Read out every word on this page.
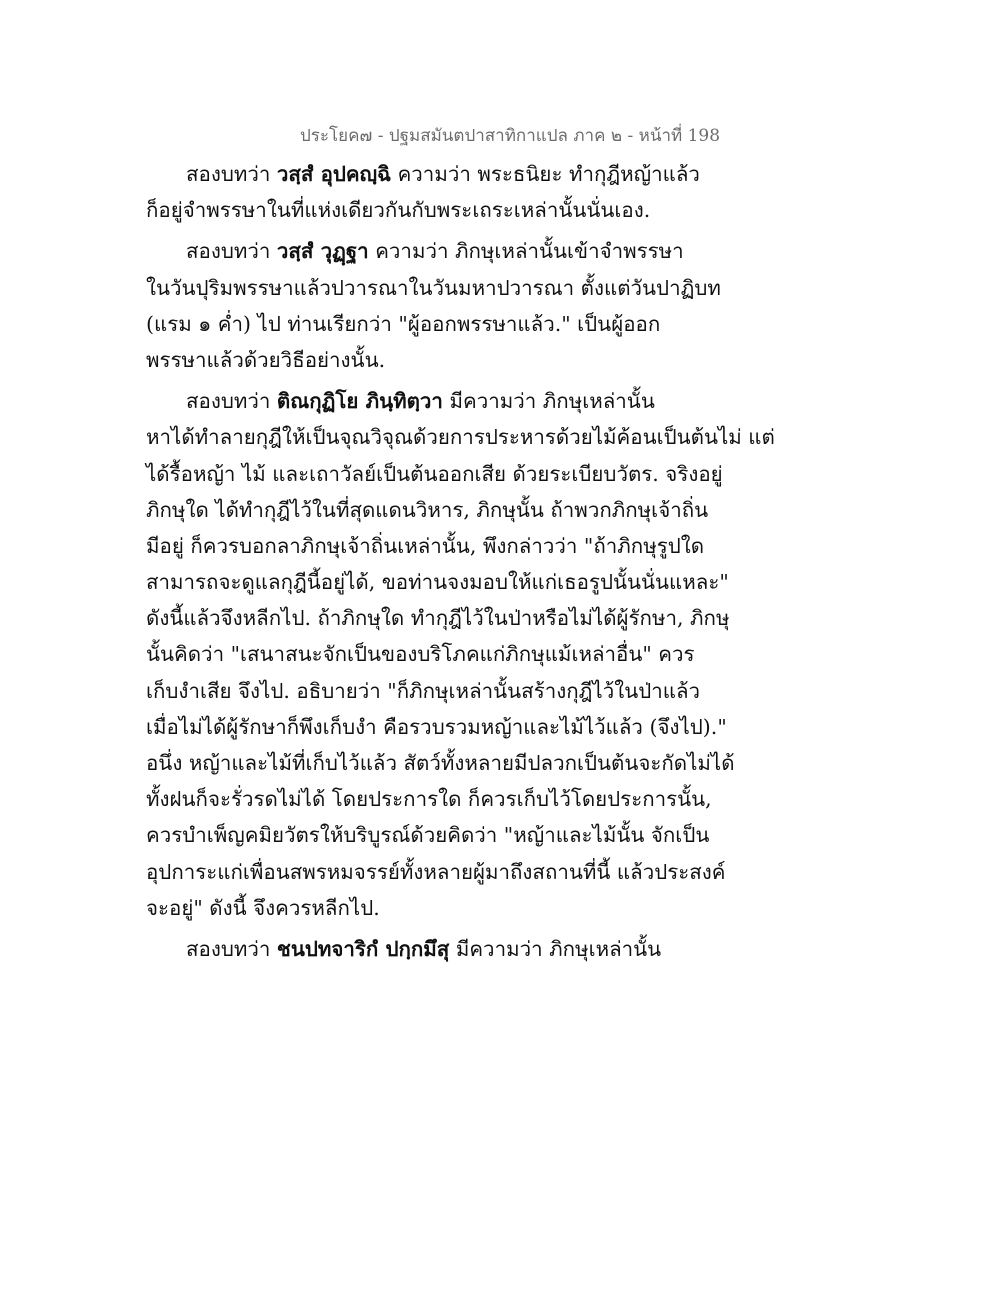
ประโยค๗ - ปฐมสมันตปาสาทิกาแปล ภาค ๒ - หน้าที่ 198
สองบทว่า วสฺสํ อุปคญฺฉิ ความว่า พระธนิยะ ทำกุฎีหญ้าแล้ว
ก็อยู่จำพรรษาในที่แห่งเดียวกันกับพระเถระเหล่านั้นนั่นเอง.
สองบทว่า วสฺสํ วุฏฺฐา ความว่า ภิกษุเหล่านั้นเข้าจำพรรษา
ในวันปุริมพรรษาแล้วปวารณาในวันมหาปวารณา ตั้งแต่วันปาฏิบท
(แรม ๑ ค่ำ) ไป ท่านเรียกว่า "ผู้ออกพรรษาแล้ว." เป็นผู้ออก
พรรษาแล้วด้วยวิธีอย่างนั้น.
สองบทว่า ติณกุฏิโย ภินฺทิตฺวา มีความว่า ภิกษุเหล่านั้น
หาได้ทำลายกุฎีให้เป็นจุณวิจุณด้วยการประหารด้วยไม้ค้อนเป็นต้นไม่ แต่
ได้รื้อหญ้า ไม้ และเถาวัลย์เป็นต้นออกเสีย ด้วยระเบียบวัตร. จริงอยู่
ภิกษุใด ได้ทำกุฎีไว้ในที่สุดแดนวิหาร, ภิกษุนั้น ถ้าพวกภิกษุเจ้าถิ่น
มีอยู่ ก็ควรบอกลาภิกษุเจ้าถิ่นเหล่านั้น, พึงกล่าวว่า "ถ้าภิกษุรูปใด
สามารถจะดูแลกุฎีนี้อยู่ได้, ขอท่านจงมอบให้แก่เธอรูปนั้นนั่นแหละ"
ดังนี้แล้วจึงหลีกไป. ถ้าภิกษุใด ทำกุฎีไว้ในป่าหรือไม่ได้ผู้รักษา, ภิกษุ
นั้นคิดว่า "เสนาสนะจักเป็นของบริโภคแก่ภิกษุแม้เหล่าอื่น" ควร
เก็บงำเสีย จึงไป. อธิบายว่า "ก็ภิกษุเหล่านั้นสร้างกุฎีไว้ในป่าแล้ว
เมื่อไม่ได้ผู้รักษาก็พึงเก็บงำ คือรวบรวมหญ้าและไม้ไว้แล้ว (จึงไป)."
อนึ่ง หญ้าและไม้ที่เก็บไว้แล้ว สัตว์ทั้งหลายมีปลวกเป็นต้นจะกัดไม่ได้
ทั้งฝนก็จะรั่วรดไม่ได้ โดยประการใด ก็ควรเก็บไว้โดยประการนั้น,
ควรบำเพ็ญคมิยวัตรให้บริบูรณ์ด้วยคิดว่า "หญ้าและไม้นั้น จักเป็น
อุปการะแก่เพื่อนสพรหมจรรย์ทั้งหลายผู้มาถึงสถานที่นี้ แล้วประสงค์
จะอยู่" ดังนี้ จึงควรหลีกไป.
สองบทว่า ชนปทจาริกํ ปกฺกมึสุ มีความว่า ภิกษุเหล่านั้น
